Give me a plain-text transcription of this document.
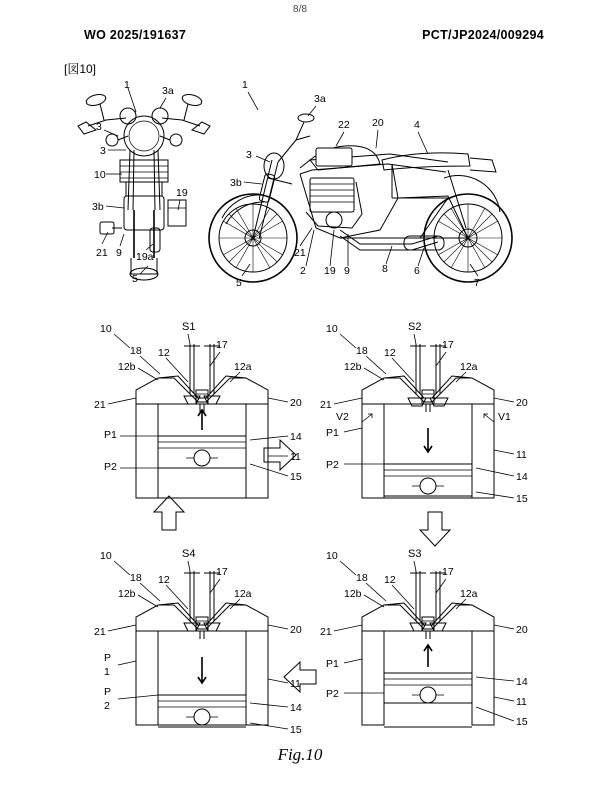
8/8
WO 2025/191637	PCT/JP2024/009294
[図10]
1	3a
3
3
10
3b
21 9 19a
19
5
1
3a
3
3b
22 20	4
5
2 19
21
9	8 6
7
10	S1
18 12
17
12b	12a
21
P1
P2
20
14
11
15
10	S2
18 12
17
12b	12a
21
V2
P1
P2
20
V1
11
14
15
10	S4
18 12
17
12b	12a
21
P
1
P
2
20
11
14
15
10	S3
18 12
17
12b	12a
21
P1
P2
20
14
11
15
Fig.10
